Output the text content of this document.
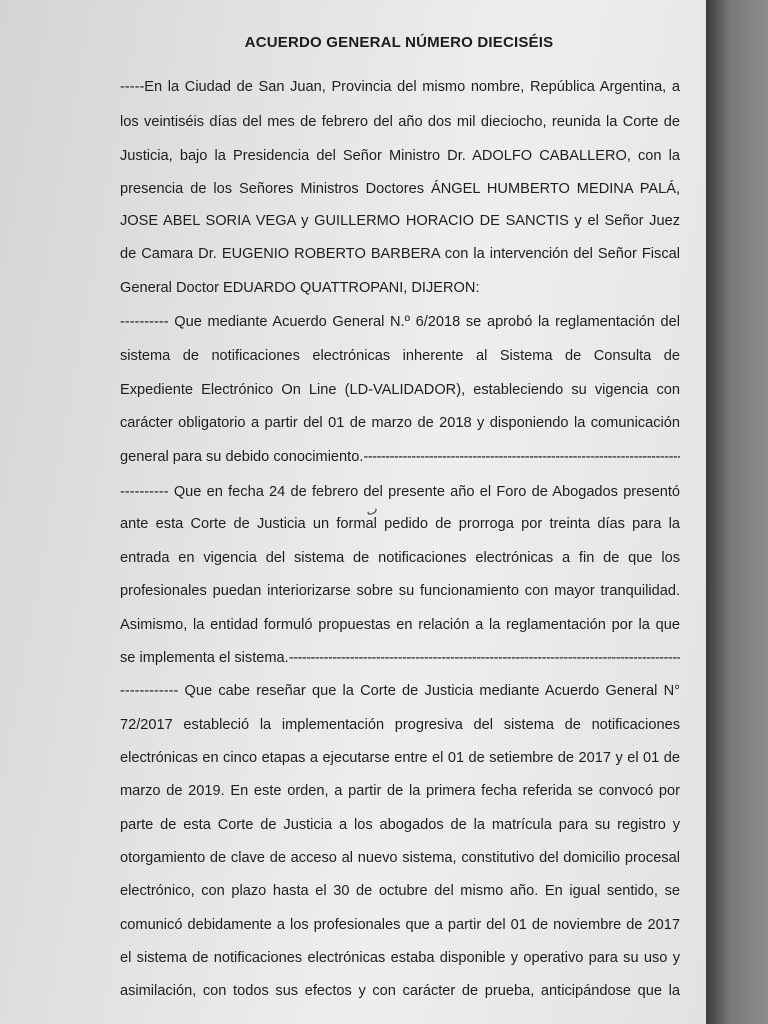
ACUERDO GENERAL NÚMERO DIECISÉIS
-----En la Ciudad de San Juan, Provincia del mismo nombre, República Argentina, a
los veintiséis días del mes de febrero del año dos mil dieciocho, reunida la Corte de
Justicia, bajo la Presidencia del Señor Ministro Dr. ADOLFO CABALLERO, con la
presencia de los Señores Ministros Doctores ÁNGEL HUMBERTO MEDINA PALÁ,
JOSE ABEL SORIA VEGA y GUILLERMO HORACIO DE SANCTIS y el Señor Juez
de Camara Dr. EUGENIO ROBERTO BARBERA con la intervención del Señor Fiscal
General Doctor EDUARDO QUATTROPANI, DIJERON:
---------- Que mediante Acuerdo General N.º 6/2018 se aprobó la reglamentación del
sistema de notificaciones electrónicas inherente al Sistema de Consulta de
Expediente Electrónico On Line (LD-VALIDADOR), estableciendo su vigencia con
carácter obligatorio a partir del 01 de marzo de 2018 y disponiendo la comunicación
general para su debido conocimiento. -----
---------- Que en fecha 24 de febrero del presente año el Foro de Abogados presentó
ante esta Corte de Justicia un formal pedido de prorroga por treinta días para la
entrada en vigencia del sistema de notificaciones electrónicas a fin de que los
profesionales puedan interiorizarse sobre su funcionamiento con mayor tranquilidad.
Asimismo, la entidad formuló propuestas en relación a la reglamentación por la que
se implementa el sistema. -----
------------ Que cabe reseñar que la Corte de Justicia mediante Acuerdo General N°
72/2017 estableció la implementación progresiva del sistema de notificaciones
electrónicas en cinco etapas a ejecutarse entre el 01 de setiembre de 2017 y el 01 de
marzo de 2019. En este orden, a partir de la primera fecha referida se convocó por
parte de esta Corte de Justicia a los abogados de la matrícula para su registro y
otorgamiento de clave de acceso al nuevo sistema, constitutivo del domicilio procesal
electrónico, con plazo hasta el 30 de octubre del mismo año. En igual sentido, se
comunicó debidamente a los profesionales que a partir del 01 de noviembre de 2017
el sistema de notificaciones electrónicas estaba disponible y operativo para su uso y
asimilación, con todos sus efectos y con carácter de prueba, anticipándose que la
ٮ
